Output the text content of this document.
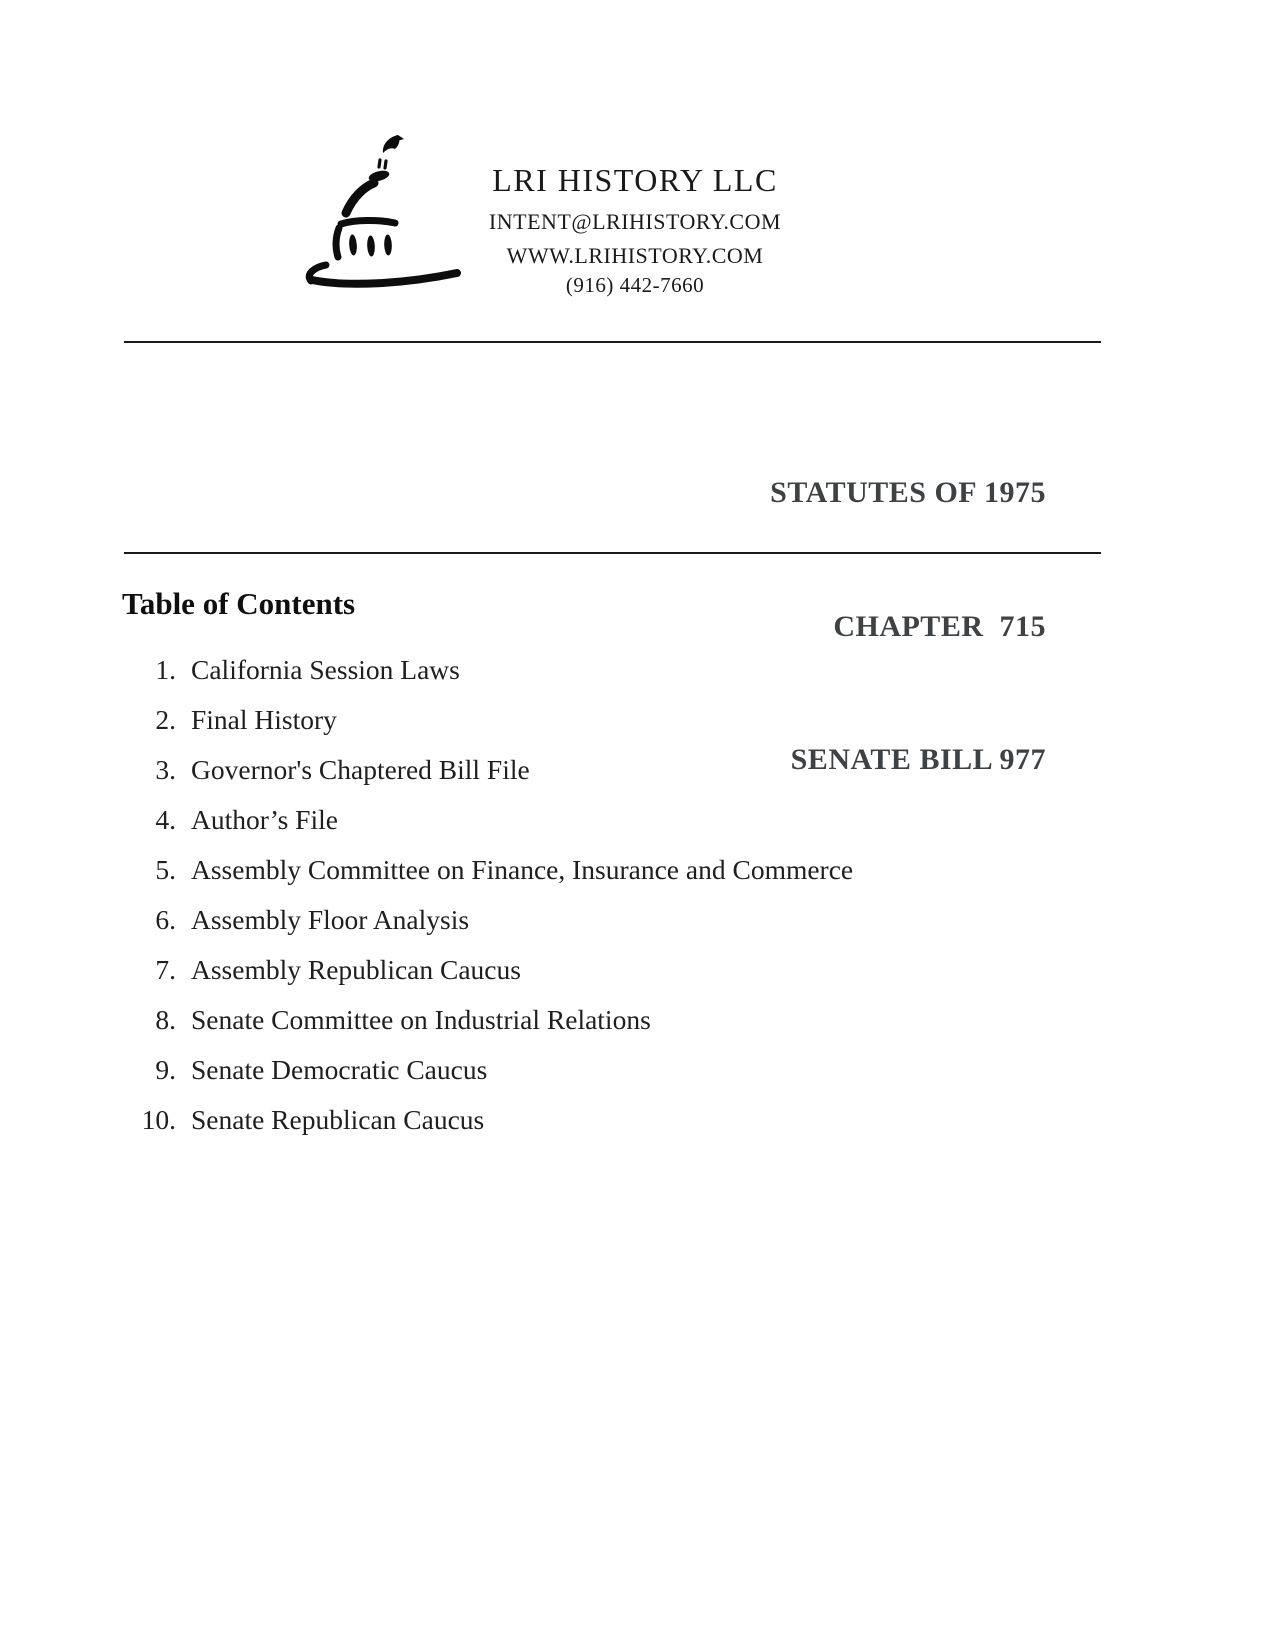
LRI HISTORY LLC
INTENT@LRIHISTORY.COM
WWW.LRIHISTORY.COM
(916) 442-7660

STATUTES OF 1975

CHAPTER  715

SENATE BILL 977

Table of Contents
1. California Session Laws
2. Final History
3. Governor's Chaptered Bill File
4. Author’s File
5. Assembly Committee on Finance, Insurance and Commerce
6. Assembly Floor Analysis
7. Assembly Republican Caucus
8. Senate Committee on Industrial Relations
9. Senate Democratic Caucus
10. Senate Republican Caucus
